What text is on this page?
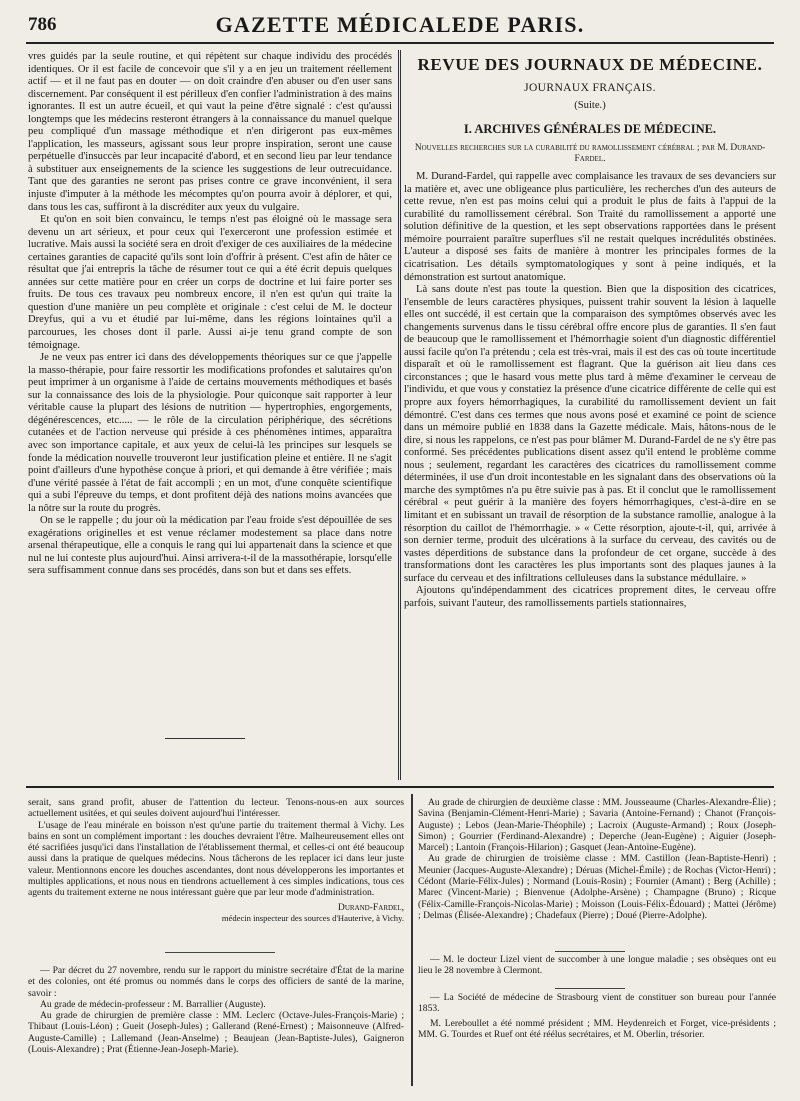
786	GAZETTE MÉDICALEDE PARIS.

vres guidés par la seule routine, et qui répètent sur chaque individu des procédés identiques. Or il est facile de concevoir que s'il y a en jeu un traitement réellement actif — et il ne faut pas en douter — on doit craindre d'en abuser ou d'en user sans discernement. Par conséquent il est périlleux d'en confier l'administration à des mains ignorantes. Il est un autre écueil, et qui vaut la peine d'être signalé : c'est qu'aussi longtemps que les médecins resteront étrangers à la connaissance du manuel quelque peu compliqué d'un massage méthodique et n'en dirigeront pas eux-mêmes l'application, les masseurs, agissant sous leur propre inspiration, seront une cause perpétuelle d'insuccès par leur incapacité d'abord, et en second lieu par leur tendance à substituer aux enseignements de la science les suggestions de leur outrecuidance. Tant que des garanties ne seront pas prises contre ce grave inconvénient, il sera injuste d'imputer à la méthode les mécomptes qu'on pourra avoir à déplorer, et qui, dans tous les cas, suffiront à la discréditer aux yeux du vulgaire.

Et qu'on en soit bien convaincu, le temps n'est pas éloigné où le massage sera devenu un art sérieux, et pour ceux qui l'exerceront une profession estimée et lucrative. Mais aussi la société sera en droit d'exiger de ces auxiliaires de la médecine certaines garanties de capacité qu'ils sont loin d'offrir à présent. C'est afin de hâter ce résultat que j'ai entrepris la tâche de résumer tout ce qui a été écrit depuis quelques années sur cette matière pour en créer un corps de doctrine et lui faire porter ses fruits. De tous ces travaux peu nombreux encore, il n'en est qu'un qui traite la question d'une manière un peu complète et originale : c'est celui de M. le docteur Dreyfus, qui a vu et étudié par lui-même, dans les régions lointaines qu'il a parcourues, les choses dont il parle. Aussi ai-je tenu grand compte de son témoignage.

Je ne veux pas entrer ici dans des développements théoriques sur ce que j'appelle la masso-thérapie, pour faire ressortir les modifications profondes et salutaires qu'on peut imprimer à un organisme à l'aide de certains mouvements méthodiques et basés sur la connaissance des lois de la physiologie. Pour quiconque sait rapporter à leur véritable cause la plupart des lésions de nutrition — hypertrophies, engorgements, dégénérescences, etc..... — le rôle de la circulation périphérique, des sécrétions cutanées et de l'action nerveuse qui préside à ces phénomènes intimes, apparaîtra avec son importance capitale, et aux yeux de celui-là les principes sur lesquels se fonde la médication nouvelle trouveront leur justification pleine et entière. Il ne s'agit point d'ailleurs d'une hypothèse conçue à priori, et qui demande à être vérifiée ; mais d'une vérité passée à l'état de fait accompli ; en un mot, d'une conquête scientifique qui a subi l'épreuve du temps, et dont profitent déjà des nations moins avancées que la nôtre sur la route du progrès.

On se le rappelle ; du jour où la médication par l'eau froide s'est dépouillée de ses exagérations originelles et est venue réclamer modestement sa place dans notre arsenal thérapeutique, elle a conquis le rang qui lui appartenait dans la science et que nul ne lui conteste plus aujourd'hui. Ainsi arrivera-t-il de la massothérapie, lorsqu'elle sera suffisamment connue dans ses procédés, dans son but et dans ses effets.

REVUE DES JOURNAUX DE MÉDECINE.
JOURNAUX FRANÇAIS.
(Suite.)
I. ARCHIVES GÉNÉRALES DE MÉDECINE.
Nouvelles recherches sur la curabilité du ramollissement cérébral ; par M. Durand-Fardel.

M. Durand-Fardel, qui rappelle avec complaisance les travaux de ses devanciers sur la matière et, avec une obligeance plus particulière, les recherches d'un des auteurs de cette revue, n'en est pas moins celui qui a produit le plus de faits à l'appui de la curabilité du ramollissement cérébral. Son Traité du ramollissement a apporté une solution définitive de la question, et les sept observations rapportées dans le présent mémoire pourraient paraître superflues s'il ne restait quelques incrédulités obstinées. L'auteur a disposé ses faits de manière à montrer les principales formes de la cicatrisation. Les détails symptomatologiques y sont à peine indiqués, et la démonstration est surtout anatomique.

Là sans doute n'est pas toute la question. Bien que la disposition des cicatrices, l'ensemble de leurs caractères physiques, puissent trahir souvent la lésion à laquelle elles ont succédé, il est certain que la comparaison des symptômes observés avec les changements survenus dans le tissu cérébral offre encore plus de garanties. Il s'en faut de beaucoup que le ramollissement et l'hémorrhagie soient d'un diagnostic différentiel aussi facile qu'on l'a prétendu ; cela est très-vrai, mais il est des cas où toute incertitude disparaît et où le ramollissement est flagrant. Que la guérison ait lieu dans ces circonstances ; que le hasard vous mette plus tard à même d'examiner le cerveau de l'individu, et que vous y constatiez la présence d'une cicatrice différente de celle qui est propre aux foyers hémorrhagiques, la curabilité du ramollissement devient un fait démontré. C'est dans ces termes que nous avons posé et examiné ce point de science dans un mémoire publié en 1838 dans la Gazette médicale. Mais, hâtons-nous de le dire, si nous les rappelons, ce n'est pas pour blâmer M. Durand-Fardel de ne s'y être pas conformé. Ses précédentes publications disent assez qu'il entend le problème comme nous ; seulement, regardant les caractères des cicatrices du ramollissement comme déterminées, il use d'un droit incontestable en les signalant dans des observations où la marche des symptômes n'a pu être suivie pas à pas. Et il conclut que le ramollissement cérébral « peut guérir à la manière des foyers hémorrhagiques, c'est-à-dire en se limitant et en subissant un travail de résorption de la substance ramollie, analogue à la résorption du caillot de l'hémorrhagie. » « Cette résorption, ajoute-t-il, qui, arrivée à son dernier terme, produit des ulcérations à la surface du cerveau, des cavités ou de vastes déperditions de substance dans la profondeur de cet organe, succède à des transformations dont les caractères les plus importants sont des plaques jaunes à la surface du cerveau et des infiltrations celluleuses dans la substance médullaire. »

Ajoutons qu'indépendamment des cicatrices proprement dites, le cerveau offre parfois, suivant l'auteur, des ramollissements partiels stationnaires,

serait, sans grand profit, abuser de l'attention du lecteur. Tenons-nous-en aux sources actuellement usitées, et qui seules doivent aujourd'hui l'intéresser.

L'usage de l'eau minérale en boisson n'est qu'une partie du traitement thermal à Vichy. Les bains en sont un complément important : les douches devraient l'être. Malheureusement elles ont été sacrifiées jusqu'ici dans l'installation de l'établissement thermal, et celles-ci ont été beaucoup aussi dans la pratique de quelques médecins. Nous tâcherons de les replacer ici dans leur juste valeur. Mentionnons encore les douches ascendantes, dont nous développerons les importantes et multiples applications, et nous nous en tiendrons actuellement à ces simples indications, tous ces agents du traitement externe ne nous intéressant guère que par leur mode d'administration.

Durand-Fardel,
médecin inspecteur des sources d'Hauterive, à Vichy.

— Par décret du 27 novembre, rendu sur le rapport du ministre secrétaire d'État de la marine et des colonies, ont été promus ou nommés dans le corps des officiers de santé de la marine, savoir :

Au grade de médecin-professeur : M. Barrallier (Auguste).

Au grade de chirurgien de première classe : MM. Leclerc (Octave-Jules-François-Marie) ; Thibaut (Louis-Léon) ; Gueit (Joseph-Jules) ; Gallerand (René-Ernest) ; Maisonneuve (Alfred-Auguste-Camille) ; Lallemand (Jean-Anselme) ; Beaujean (Jean-Baptiste-Jules), Gaigneron (Louis-Alexandre) ; Prat (Étienne-Jean-Joseph-Marie).

Au grade de chirurgien de deuxième classe : MM. Jousseaume (Charles-Alexandre-Élie) ; Savina (Benjamin-Clément-Henri-Marie) ; Savaria (Antoine-Fernand) ; Chanot (François-Auguste) ; Lebos (Jean-Marie-Théophile) ; Lacroix (Auguste-Armand) ; Roux (Joseph-Simon) ; Gourrier (Ferdinand-Alexandre) ; Deperche (Jean-Eugène) ; Aiguier (Joseph-Marcel) ; Lantoin (François-Hilarion) ; Gasquet (Jean-Antoine-Eugène).

Au grade de chirurgien de troisième classe : MM. Castillon (Jean-Baptiste-Henri) ; Meunier (Jacques-Auguste-Alexandre) ; Déruas (Michel-Émile) ; de Rochas (Victor-Henri) ; Cédont (Marie-Félix-Jules) ; Normand (Louis-Rosin) ; Fournier (Amant) ; Berg (Achille) ; Marec (Vincent-Marie) ; Bienvenue (Adolphe-Arsène) ; Champagne (Bruno) ; Ricque (Félix-Camille-François-Nicolas-Marie) ; Moisson (Louis-Félix-Édouard) ; Mattei (Jérôme) ; Delmas (Élisée-Alexandre) ; Chadefaux (Pierre) ; Doué (Pierre-Adolphe).

— M. le docteur Lizel vient de succomber à une longue maladie ; ses obsèques ont eu lieu le 28 novembre à Clermont.

— La Société de médecine de Strasbourg vient de constituer son bureau pour l'année 1853.

M. Lereboullet a été nommé président ; MM. Heydenreich et Forget, vice-présidents ; MM. G. Tourdes et Ruef ont été réélus secrétaires, et M. Oberlin, trésorier.
